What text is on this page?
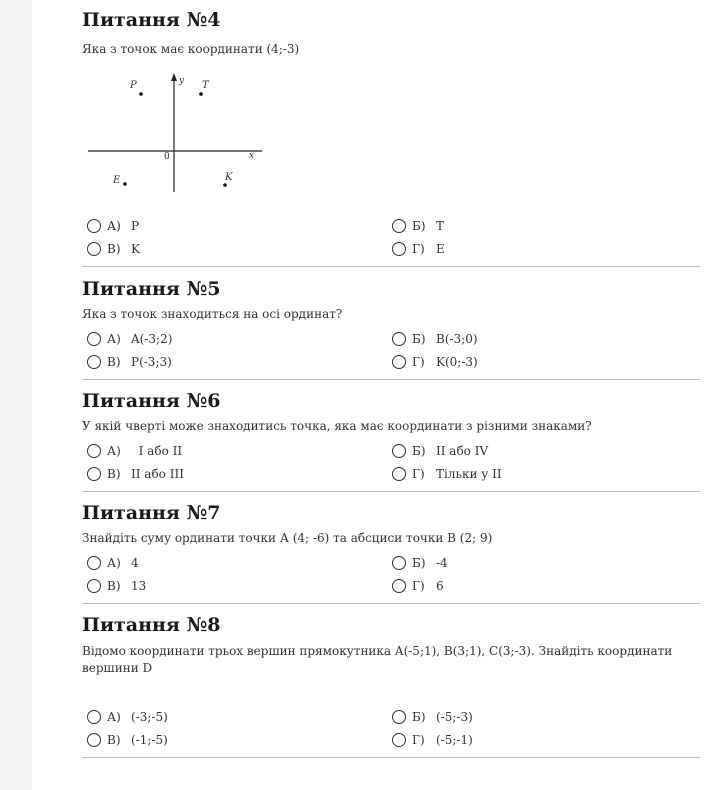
Питання №4
Яка з точок має координати (4;-3)
y
x
0
P	T
E	K
А) P	Б) T
В) K	Г) E
Питання №5
Яка з точок знаходиться на осі ординат?
А) A(-3;2)	Б) B(-3;0)
В) P(-3;3)	Г) K(0;-3)
Питання №6
У якій чверті може знаходитись точка, яка має координати з різними знаками?
А) І або ІІ	Б) ІІ або ІV
В) ІІ або ІІІ	Г) Тільки у ІІ
Питання №7
Знайдіть суму ординати точки А (4; -6) та абсциси точки В (2; 9)
А) 4	Б) -4
В) 13	Г) 6
Питання №8
Відомо координати трьох вершин прямокутника A(-5;1), B(3;1), C(3;-3). Знайдіть координати вершини D
А) (-3;-5)	Б) (-5;-3)
В) (-1;-5)	Г) (-5;-1)
